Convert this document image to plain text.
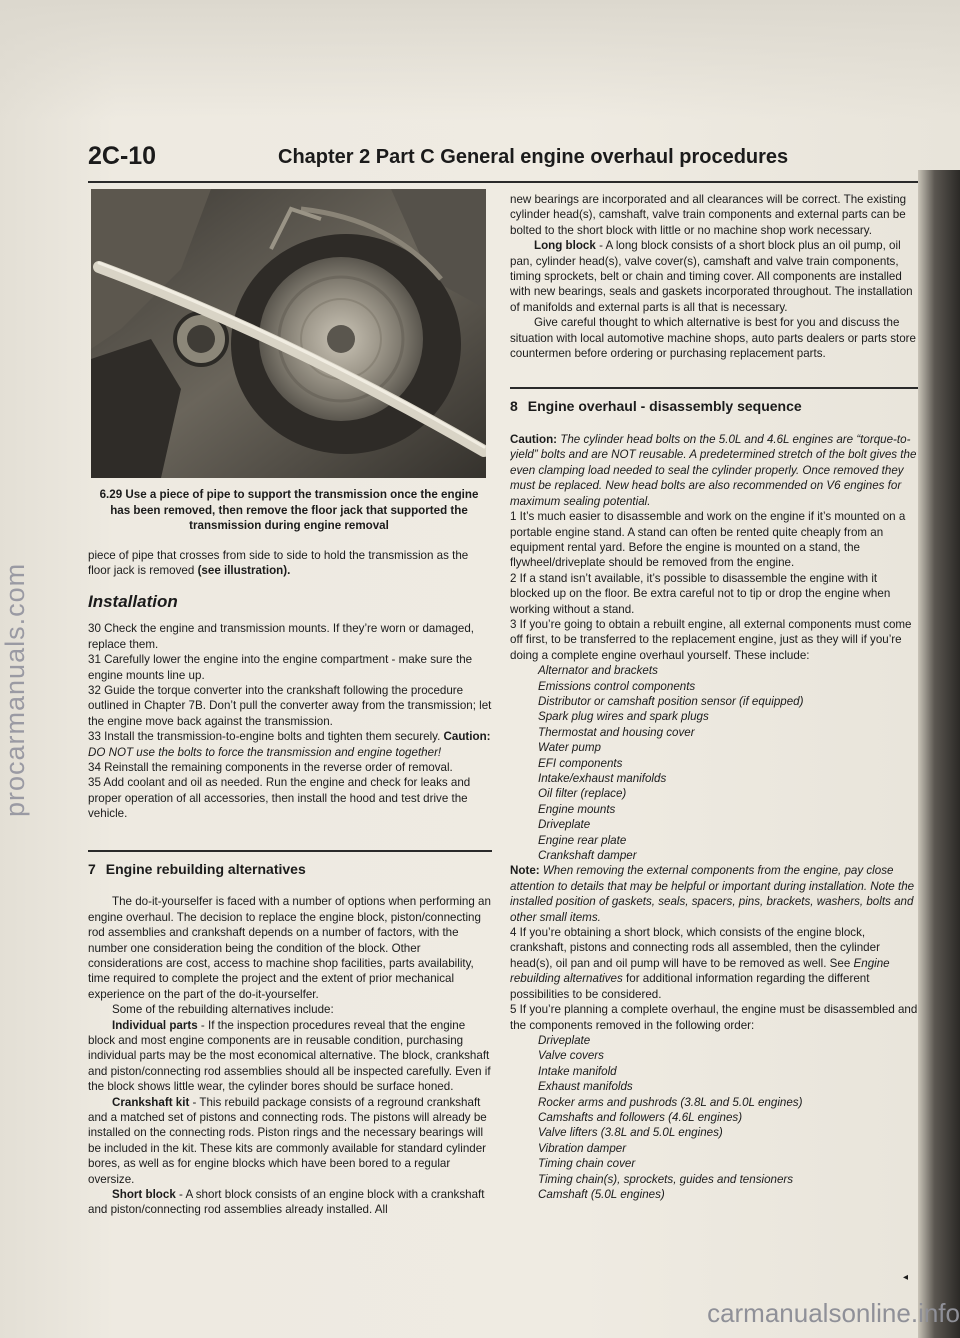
procarmanuals.com
2C-10	Chapter 2 Part C General engine overhaul procedures
6.29 Use a piece of pipe to support the transmission once the engine has been removed, then remove the floor jack that supported the transmission during engine removal

piece of pipe that crosses from side to side to hold the transmission as the floor jack is removed (see illustration).

Installation

30 Check the engine and transmission mounts. If they’re worn or damaged, replace them.

31 Carefully lower the engine into the engine compartment - make sure the engine mounts line up.

32 Guide the torque converter into the crankshaft following the procedure outlined in Chapter 7B. Don’t pull the converter away from the transmission; let the engine move back against the transmission.

33 Install the transmission-to-engine bolts and tighten them securely. Caution: DO NOT use the bolts to force the transmission and engine together!

34 Reinstall the remaining components in the reverse order of removal.

35 Add coolant and oil as needed. Run the engine and check for leaks and proper operation of all accessories, then install the hood and test drive the vehicle.

7 Engine rebuilding alternatives

The do-it-yourselfer is faced with a number of options when performing an engine overhaul. The decision to replace the engine block, piston/connecting rod assemblies and crankshaft depends on a number of factors, with the number one consideration being the condition of the block. Other considerations are cost, access to machine shop facilities, parts availability, time required to complete the project and the extent of prior mechanical experience on the part of the do-it-yourselfer.

Some of the rebuilding alternatives include:

Individual parts - If the inspection procedures reveal that the engine block and most engine components are in reusable condition, purchasing individual parts may be the most economical alternative. The block, crankshaft and piston/connecting rod assemblies should all be inspected carefully. Even if the block shows little wear, the cylinder bores should be surface honed.

Crankshaft kit - This rebuild package consists of a reground crankshaft and a matched set of pistons and connecting rods. The pistons will already be installed on the connecting rods. Piston rings and the necessary bearings will be included in the kit. These kits are commonly available for standard cylinder bores, as well as for engine blocks which have been bored to a regular oversize.

Short block - A short block consists of an engine block with a crankshaft and piston/connecting rod assemblies already installed. All

new bearings are incorporated and all clearances will be correct. The existing cylinder head(s), camshaft, valve train components and external parts can be bolted to the short block with little or no machine shop work necessary.

Long block - A long block consists of a short block plus an oil pump, oil pan, cylinder head(s), valve cover(s), camshaft and valve train components, timing sprockets, belt or chain and timing cover. All components are installed with new bearings, seals and gaskets incorporated throughout. The installation of manifolds and external parts is all that is necessary.

Give careful thought to which alternative is best for you and discuss the situation with local automotive machine shops, auto parts dealers or parts store countermen before ordering or purchasing replacement parts.

8 Engine overhaul - disassembly sequence

Caution: The cylinder head bolts on the 5.0L and 4.6L engines are “torque-to-yield” bolts and are NOT reusable. A predetermined stretch of the bolt gives the even clamping load needed to seal the cylinder properly. Once removed they must be replaced. New head bolts are also recommended on V6 engines for maximum sealing potential.

1 It’s much easier to disassemble and work on the engine if it’s mounted on a portable engine stand. A stand can often be rented quite cheaply from an equipment rental yard. Before the engine is mounted on a stand, the flywheel/driveplate should be removed from the engine.

2 If a stand isn’t available, it’s possible to disassemble the engine with it blocked up on the floor. Be extra careful not to tip or drop the engine when working without a stand.

3 If you’re going to obtain a rebuilt engine, all external components must come off first, to be transferred to the replacement engine, just as they will if you’re doing a complete engine overhaul yourself. These include:

Alternator and brackets
Emissions control components
Distributor or camshaft position sensor (if equipped)
Spark plug wires and spark plugs
Thermostat and housing cover
Water pump
EFI components
Intake/exhaust manifolds
Oil filter (replace)
Engine mounts
Driveplate
Engine rear plate
Crankshaft damper

Note: When removing the external components from the engine, pay close attention to details that may be helpful or important during installation. Note the installed position of gaskets, seals, spacers, pins, brackets, washers, bolts and other small items.

4 If you’re obtaining a short block, which consists of the engine block, crankshaft, pistons and connecting rods all assembled, then the cylinder head(s), oil pan and oil pump will have to be removed as well. See Engine rebuilding alternatives for additional information regarding the different possibilities to be considered.

5 If you’re planning a complete overhaul, the engine must be disassembled and the components removed in the following order:

Driveplate
Valve covers
Intake manifold
Exhaust manifolds
Rocker arms and pushrods (3.8L and 5.0L engines)
Camshafts and followers (4.6L engines)
Valve lifters (3.8L and 5.0L engines)
Vibration damper
Timing chain cover
Timing chain(s), sprockets, guides and tensioners
Camshaft (5.0L engines)
◂
carmanualsonline.info
